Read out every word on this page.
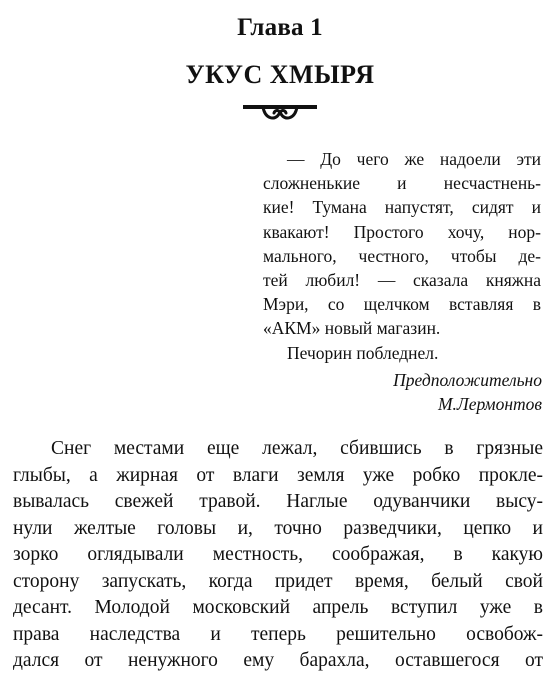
Глава 1
УКУС ХМЫРЯ
— До чего же надоели эти
сложненькие и несчастнень-
кие! Тумана напустят, сидят и
квакают! Простого хочу, нор-
мального, честного, чтобы де-
тей любил! — сказала княжна
Мэри, со щелчком вставляя в
«АКМ» новый магазин.
Печорин побледнел.
Предположительно
М.Лермонтов
Снег местами еще лежал, сбившись в грязные
глыбы, а жирная от влаги земля уже робко прокле-
вывалась свежей травой. Наглые одуванчики высу-
нули желтые головы и, точно разведчики, цепко и
зорко оглядывали местность, соображая, в какую
сторону запускать, когда придет время, белый свой
десант. Молодой московский апрель вступил уже в
права наследства и теперь решительно освобож-
дался от ненужного ему барахла, оставшегося от
